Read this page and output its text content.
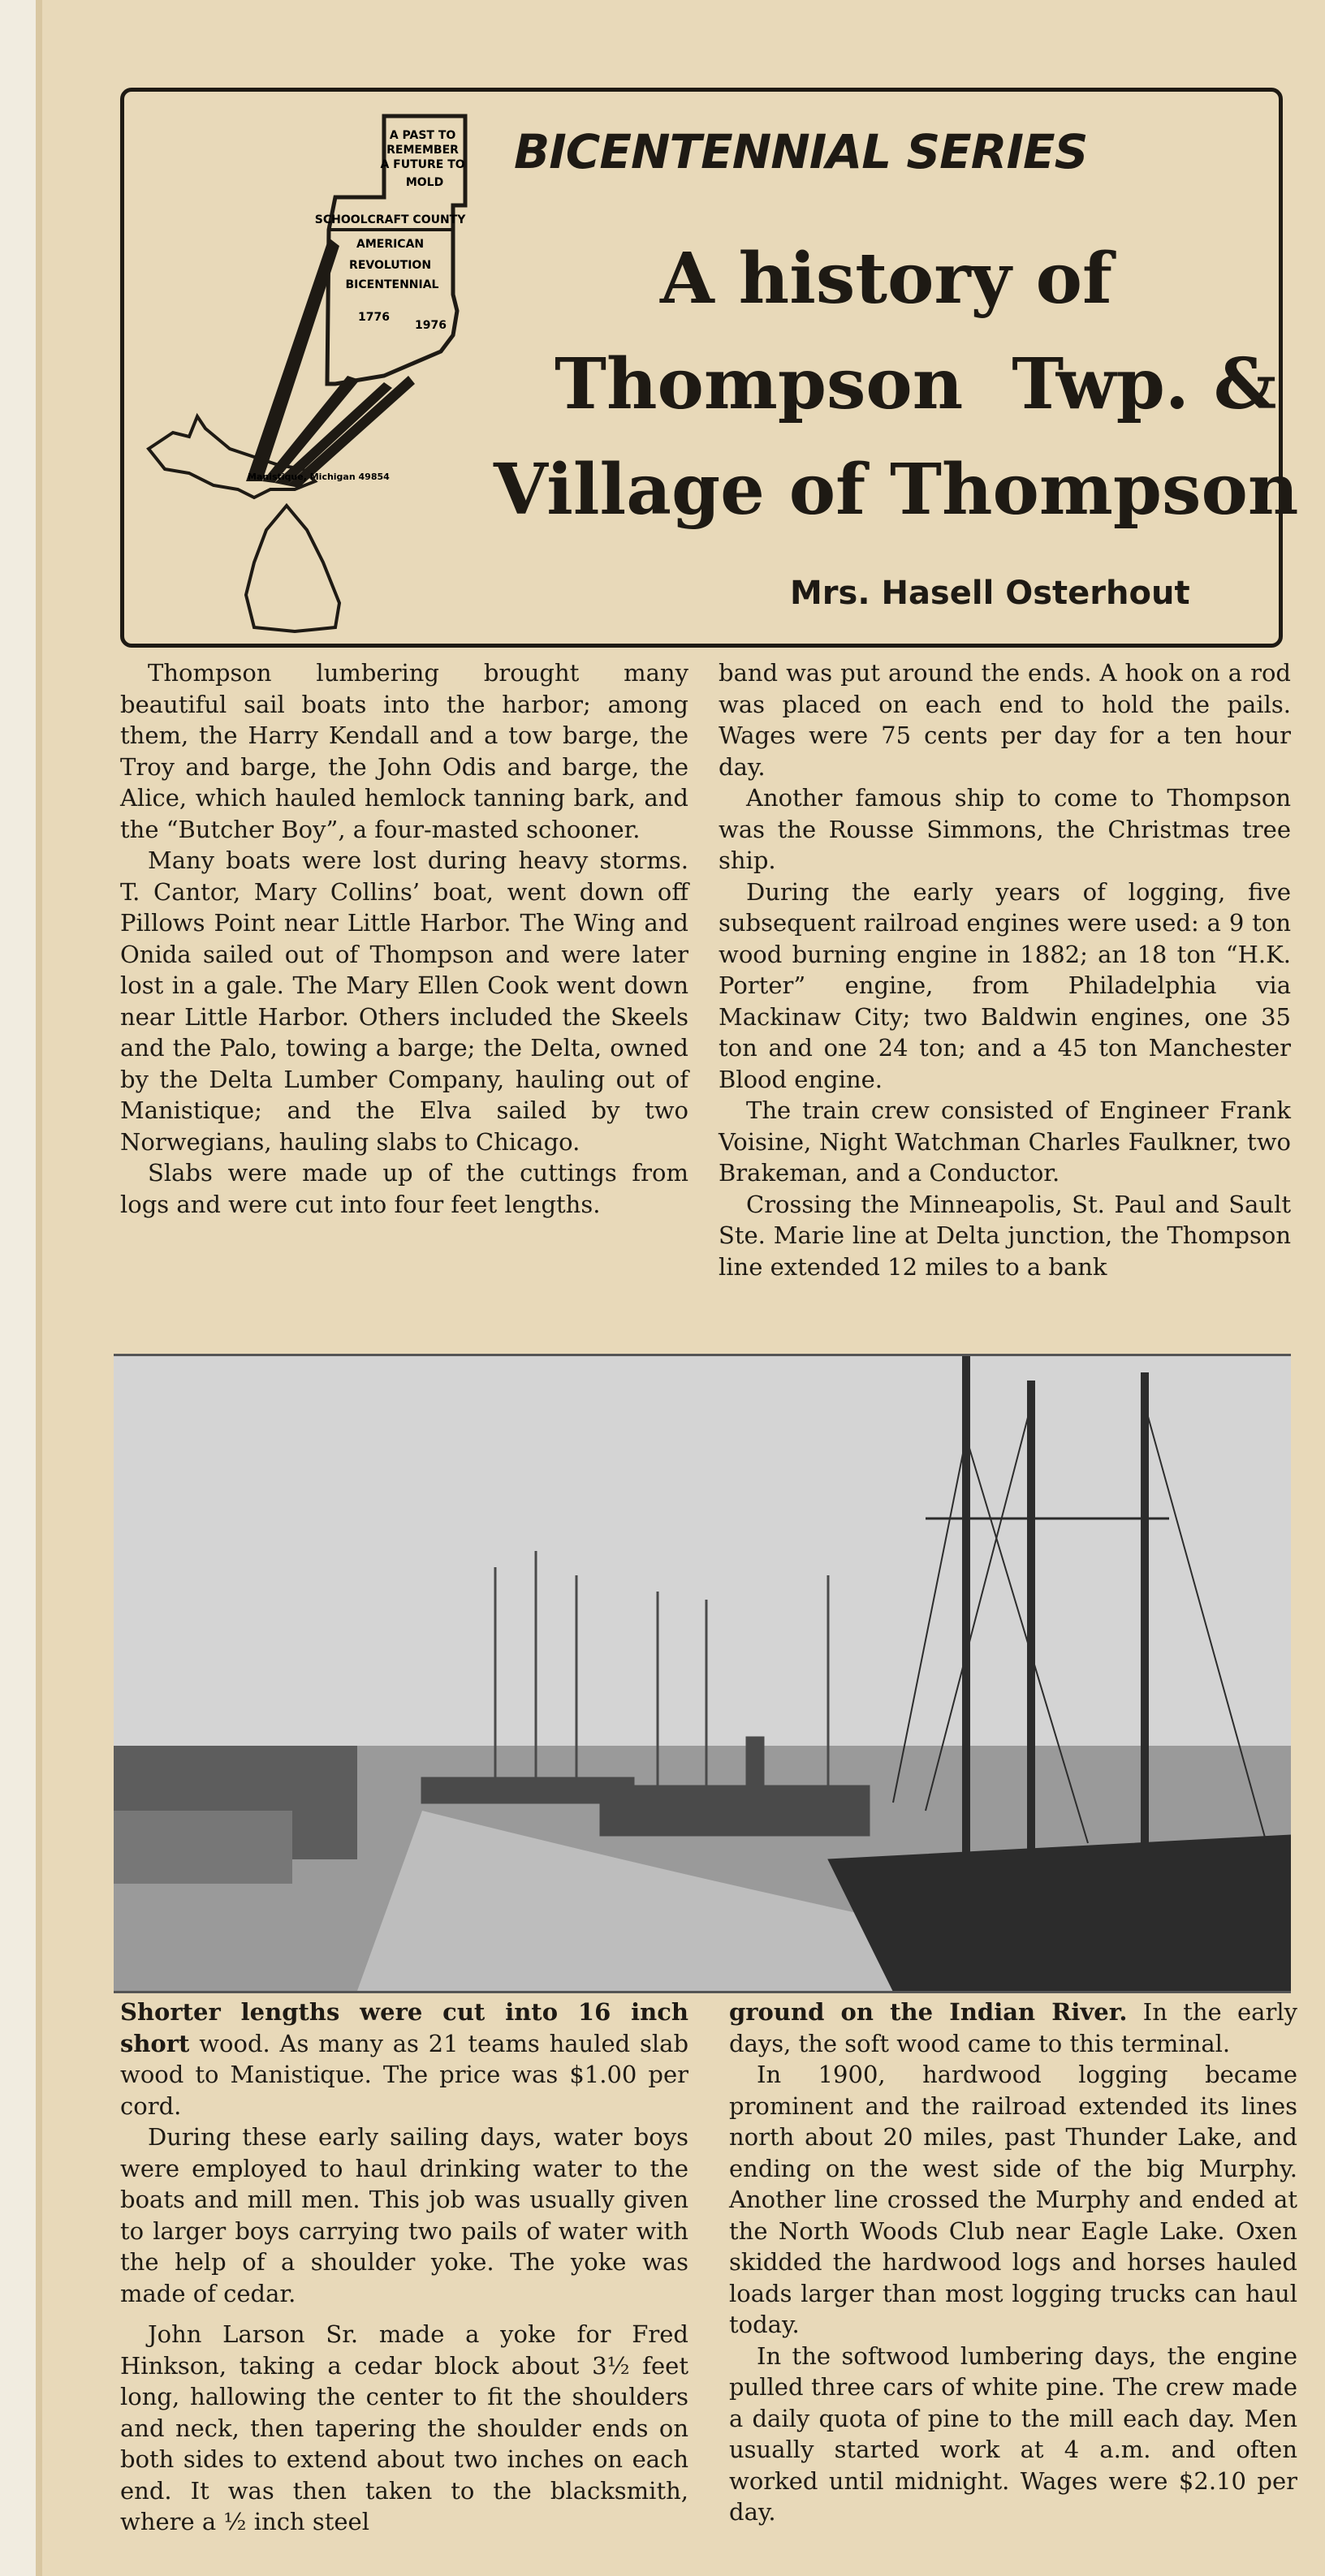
A PAST TO REMEMBER A FUTURE TO MOLD
SCHOOLCRAFT COUNTY AMERICAN REVOLUTION BICENTENNIAL
1776
1976
Manistique, Michigan 49854
BICENTENNIAL SERIES
A history of
Thompson  Twp. &
Village of Thompson
Mrs. Hasell Osterhout

Thompson lumbering brought many beautiful sail boats into the harbor; among them, the Harry Kendall and a tow barge, the Troy and barge, the John Odis and barge, the Alice, which hauled hemlock tanning bark, and the “Butcher Boy”, a four-masted schooner.

Many boats were lost during heavy storms. T. Cantor, Mary Collins’ boat, went down off Pillows Point near Little Harbor. The Wing and Onida sailed out of Thompson and were later lost in a gale. The Mary Ellen Cook went down near Little Harbor. Others included the Skeels and the Palo, towing a barge; the Delta, owned by the Delta Lumber Company, hauling out of Manistique; and the Elva sailed by two Norwegians, hauling slabs to Chicago.

Slabs were made up of the cuttings from logs and were cut into four feet lengths.

band was put around the ends. A hook on a rod was placed on each end to hold the pails. Wages were 75 cents per day for a ten hour day.

Another famous ship to come to Thompson was the Rousse Simmons, the Christmas tree ship.

During the early years of logging, five subsequent railroad engines were used: a 9 ton wood burning engine in 1882; an 18 ton “H.K. Porter” engine, from Philadelphia via Mackinaw City; two Baldwin engines, one 35 ton and one 24 ton; and a 45 ton Manchester Blood engine.

The train crew consisted of Engineer Frank Voisine, Night Watchman Charles Faulkner, two Brakeman, and a Conductor.

Crossing the Minneapolis, St. Paul and Sault Ste. Marie line at Delta junction, the Thompson line extended 12 miles to a bank

Shorter lengths were cut into 16 inch short wood. As many as 21 teams hauled slab wood to Manistique. The price was $1.00 per cord.

During these early sailing days, water boys were employed to haul drinking water to the boats and mill men. This job was usually given to larger boys carrying two pails of water with the help of a shoulder yoke. The yoke was made of cedar.

John Larson Sr. made a yoke for Fred Hinkson, taking a cedar block about 3½ feet long, hallowing the center to fit the shoulders and neck, then tapering the shoulder ends on both sides to extend about two inches on each end. It was then taken to the blacksmith, where a ½ inch steel

ground on the Indian River. In the early days, the soft wood came to this terminal.

In 1900, hardwood logging became prominent and the railroad extended its lines north about 20 miles, past Thunder Lake, and ending on the west side of the big Murphy. Another line crossed the Murphy and ended at the North Woods Club near Eagle Lake. Oxen skidded the hardwood logs and horses hauled loads larger than most logging trucks can haul today.

In the softwood lumbering days, the engine pulled three cars of white pine. The crew made a daily quota of pine to the mill each day. Men usually started work at 4 a.m. and often worked until midnight. Wages were $2.10 per day.
